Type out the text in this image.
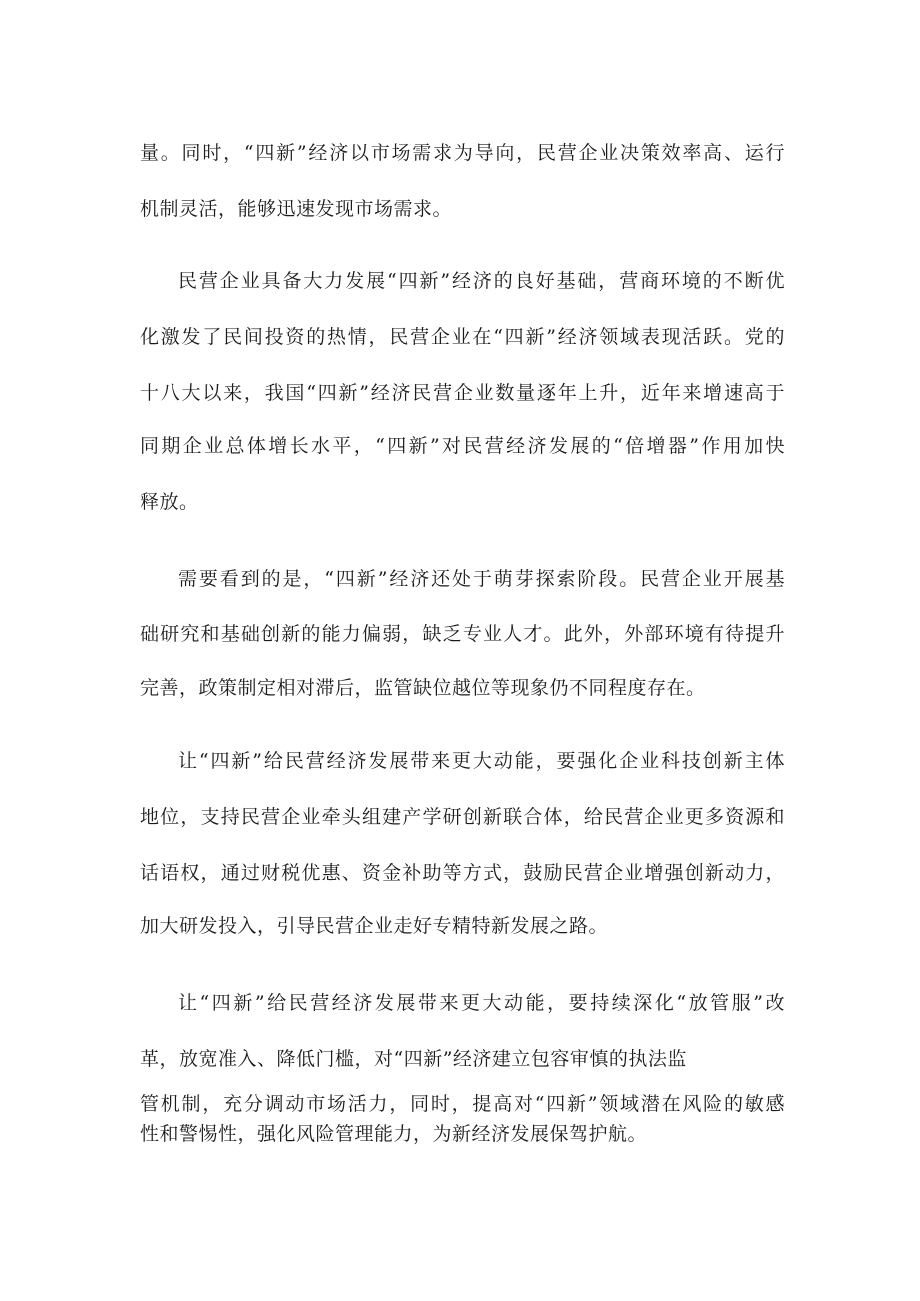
量。同时，“四新”经济以市场需求为导向，民营企业决策效率高、运行
机制灵活，能够迅速发现市场需求。
民营企业具备大力发展“四新”经济的良好基础，营商环境的不断优
化激发了民间投资的热情，民营企业在“四新”经济领域表现活跃。党的
十八大以来，我国“四新”经济民营企业数量逐年上升，近年来增速高于
同期企业总体增长水平，“四新”对民营经济发展的“倍增器”作用加快
释放。
需要看到的是，“四新”经济还处于萌芽探索阶段。民营企业开展基
础研究和基础创新的能力偏弱，缺乏专业人才。此外，外部环境有待提升
完善，政策制定相对滞后，监管缺位越位等现象仍不同程度存在。
让“四新”给民营经济发展带来更大动能，要强化企业科技创新主体
地位，支持民营企业牵头组建产学研创新联合体，给民营企业更多资源和
话语权，通过财税优惠、资金补助等方式，鼓励民营企业增强创新动力，
加大研发投入，引导民营企业走好专精特新发展之路。
让“四新”给民营经济发展带来更大动能，要持续深化“放管服”改
革，放宽准入、降低门槛，对“四新”经济建立包容审慎的执法监
管机制，充分调动市场活力，同时，提高对“四新”领域潜在风险的敏感
性和警惕性，强化风险管理能力，为新经济发展保驾护航。
